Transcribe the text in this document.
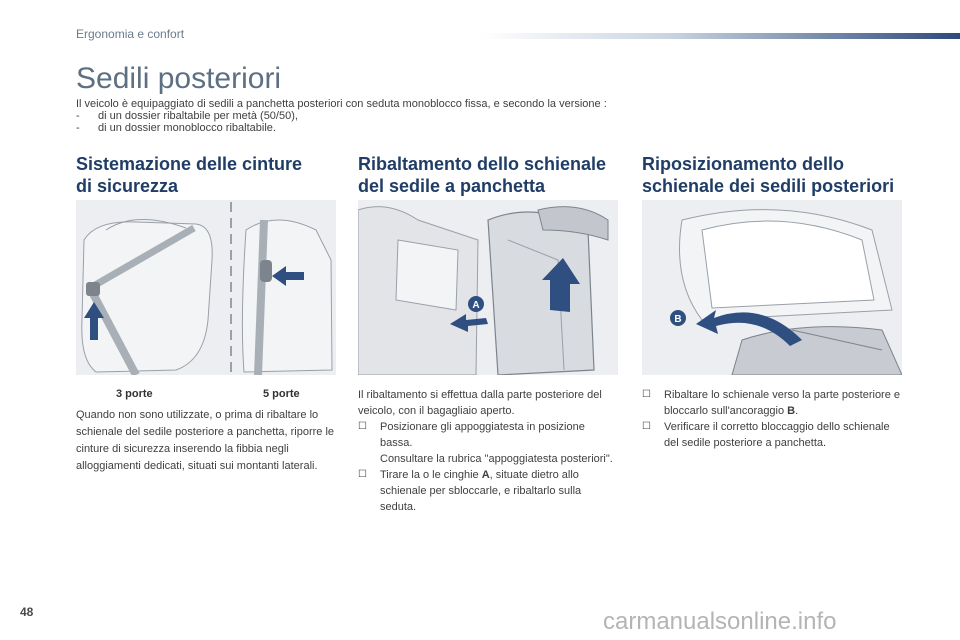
Ergonomia e confort
Sedili posteriori
Il veicolo è equipaggiato di sedili a panchetta posteriori con seduta monoblocco fissa, e secondo la versione :
-	di un dossier ribaltabile per metà (50/50),
-	di un dossier monoblocco ribaltabile.
Sistemazione delle cinture
di sicurezza
3 porte	5 porte
Quando non sono utilizzate, o prima di ribaltare lo schienale del sedile posteriore a panchetta, riporre le cinture di sicurezza inserendo la fibbia negli alloggiamenti dedicati, situati sui montanti laterali.
Ribaltamento dello schienale
del sedile a panchetta
A
Il ribaltamento si effettua dalla parte posteriore del veicolo, con il bagagliaio aperto.
☐	Posizionare gli appoggiatesta in posizione bassa.
Consultare la rubrica "appoggiatesta posteriori".
☐	Tirare la o le cinghie A, situate dietro allo schienale per sbloccarle, e ribaltarlo sulla seduta.
Riposizionamento dello
schienale dei sedili posteriori
B
☐	Ribaltare lo schienale verso la parte posteriore e bloccarlo sull'ancoraggio B.
☐	Verificare il corretto bloccaggio dello schienale del sedile posteriore a panchetta.
48	carmanualsonline.info
